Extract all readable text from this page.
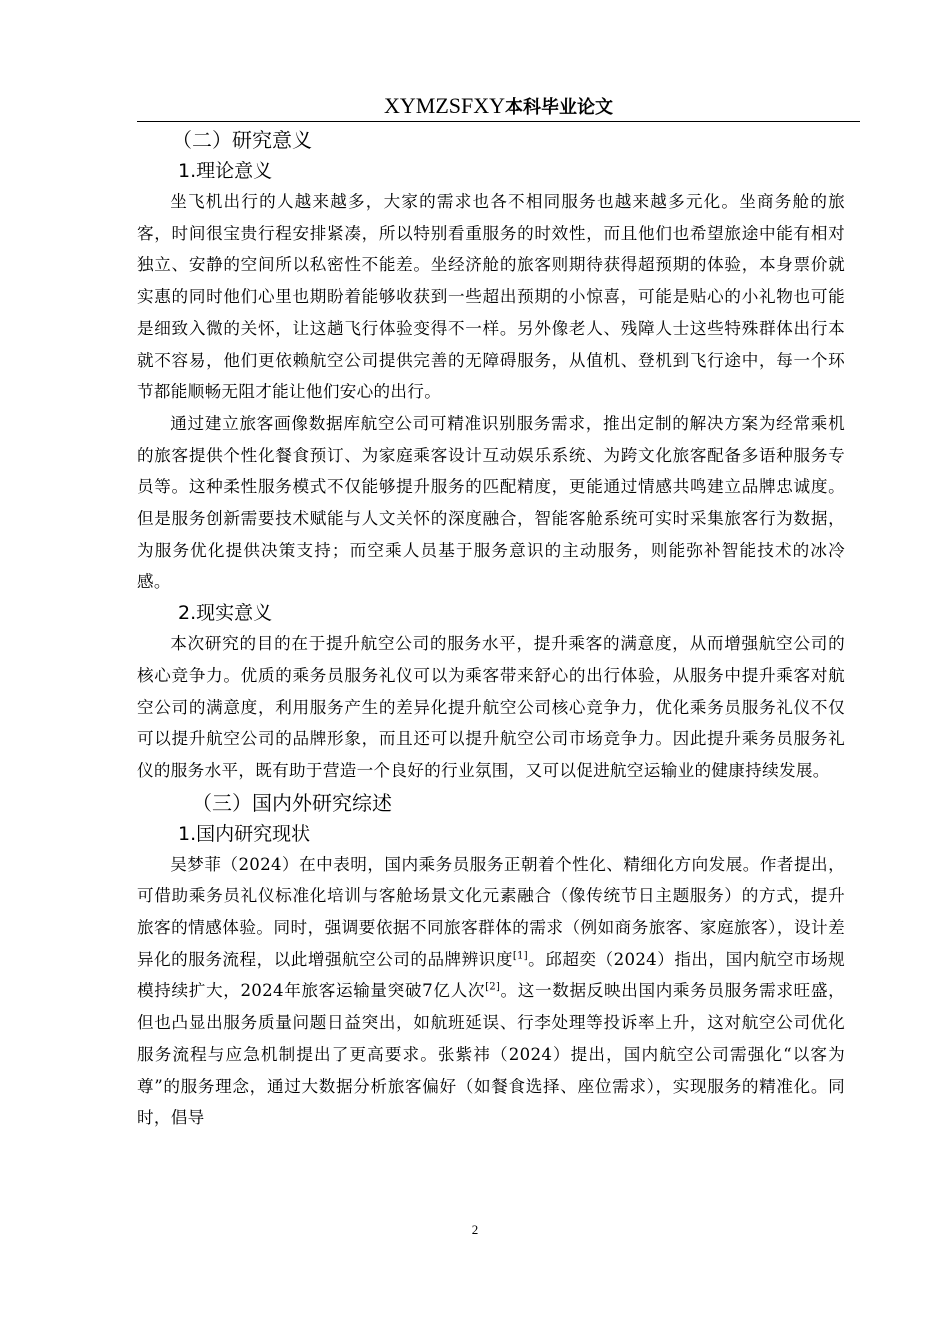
XYMZSFXY本科毕业论文
（二）研究意义
1.理论意义

坐飞机出行的人越来越多，大家的需求也各不相同服务也越来越多元化。坐商务舱的旅客，时间很宝贵行程安排紧凑，所以特别看重服务的时效性，而且他们也希望旅途中能有相对独立、安静的空间所以私密性不能差。坐经济舱的旅客则期待获得超预期的体验，本身票价就实惠的同时他们心里也期盼着能够收获到一些超出预期的小惊喜，可能是贴心的小礼物也可能是细致入微的关怀，让这趟飞行体验变得不一样。另外像老人、残障人士这些特殊群体出行本就不容易，他们更依赖航空公司提供完善的无障碍服务，从值机、登机到飞行途中，每一个环节都能顺畅无阻才能让他们安心的出行。

通过建立旅客画像数据库航空公司可精准识别服务需求，推出定制的解决方案为经常乘机的旅客提供个性化餐食预订、为家庭乘客设计互动娱乐系统、为跨文化旅客配备多语种服务专员等。这种柔性服务模式不仅能够提升服务的匹配精度，更能通过情感共鸣建立品牌忠诚度。但是服务创新需要技术赋能与人文关怀的深度融合，智能客舱系统可实时采集旅客行为数据，为服务优化提供决策支持；而空乘人员基于服务意识的主动服务，则能弥补智能技术的冰冷感。

2.现实意义

本次研究的目的在于提升航空公司的服务水平，提升乘客的满意度，从而增强航空公司的核心竞争力。优质的乘务员服务礼仪可以为乘客带来舒心的出行体验，从服务中提升乘客对航空公司的满意度，利用服务产生的差异化提升航空公司核心竞争力，优化乘务员服务礼仪不仅可以提升航空公司的品牌形象，而且还可以提升航空公司市场竞争力。因此提升乘务员服务礼仪的服务水平，既有助于营造一个良好的行业氛围，又可以促进航空运输业的健康持续发展。

（三）国内外研究综述
1.国内研究现状

吴梦菲（2024）在中表明，国内乘务员服务正朝着个性化、精细化方向发展。作者提出，可借助乘务员礼仪标准化培训与客舱场景文化元素融合（像传统节日主题服务）的方式，提升旅客的情感体验。同时，强调要依据不同旅客群体的需求（例如商务旅客、家庭旅客），设计差异化的服务流程，以此增强航空公司的品牌辨识度[1]。邱超奕（2024）指出，国内航空市场规模持续扩大，2024年旅客运输量突破7亿人次[2]。这一数据反映出国内乘务员服务需求旺盛，但也凸显出服务质量问题日益突出，如航班延误、行李处理等投诉率上升，这对航空公司优化服务流程与应急机制提出了更高要求。张紫祎（2024）提出，国内航空公司需强化“以客为尊”的服务理念，通过大数据分析旅客偏好（如餐食选择、座位需求），实现服务的精准化。同时，倡导

2
